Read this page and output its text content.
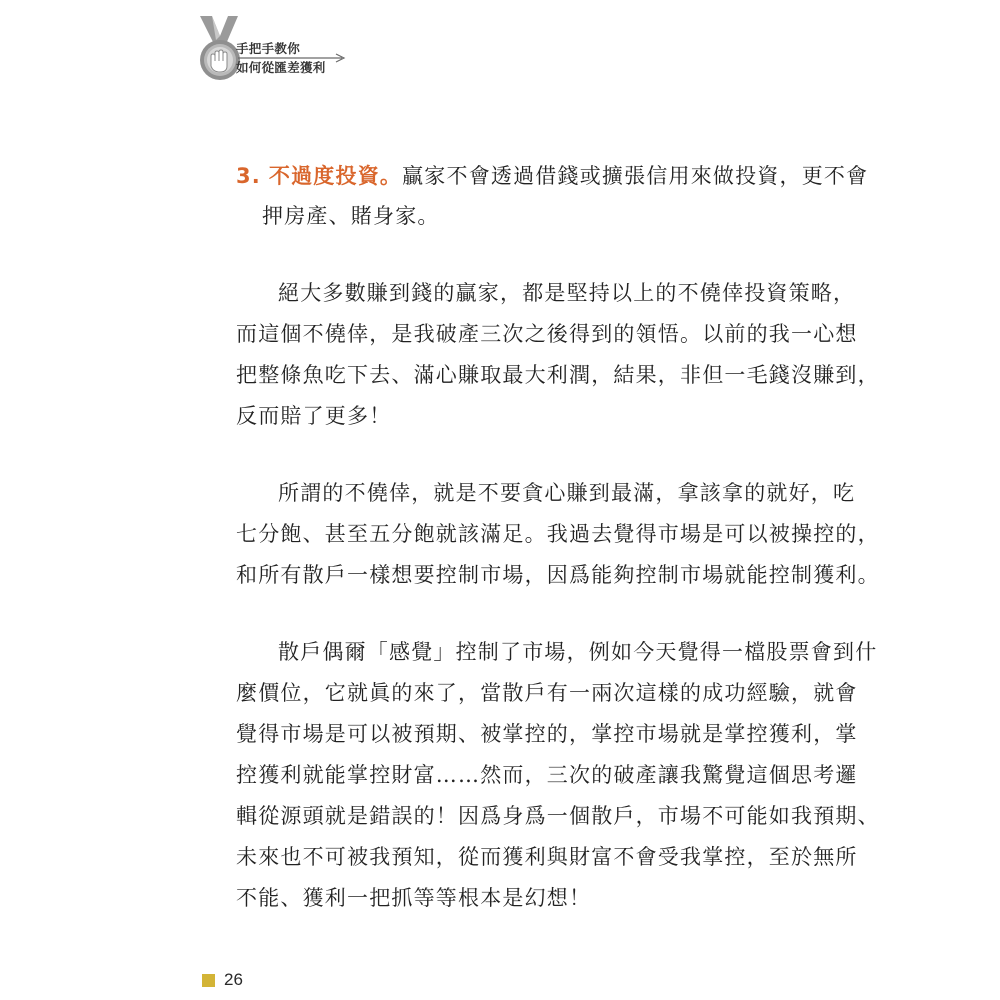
手把手教你
如何從匯差獲利
3. 不過度投資。贏家不會透過借錢或擴張信用來做投資，更不會
押房產、賭身家。
絕大多數賺到錢的贏家，都是堅持以上的不僥倖投資策略，
而這個不僥倖，是我破產三次之後得到的領悟。以前的我一心想
把整條魚吃下去、滿心賺取最大利潤，結果，非但一毛錢沒賺到，
反而賠了更多！
所謂的不僥倖，就是不要貪心賺到最滿，拿該拿的就好，吃
七分飽、甚至五分飽就該滿足。我過去覺得市場是可以被操控的，
和所有散戶一樣想要控制市場，因爲能夠控制市場就能控制獲利。
散戶偶爾「感覺」控制了市場，例如今天覺得一檔股票會到什
麼價位，它就眞的來了，當散戶有一兩次這樣的成功經驗，就會
覺得市場是可以被預期、被掌控的，掌控市場就是掌控獲利，掌
控獲利就能掌控財富……然而，三次的破產讓我驚覺這個思考邏
輯從源頭就是錯誤的！因爲身爲一個散戶，市場不可能如我預期、
未來也不可被我預知，從而獲利與財富不會受我掌控，至於無所
不能、獲利一把抓等等根本是幻想！
26
